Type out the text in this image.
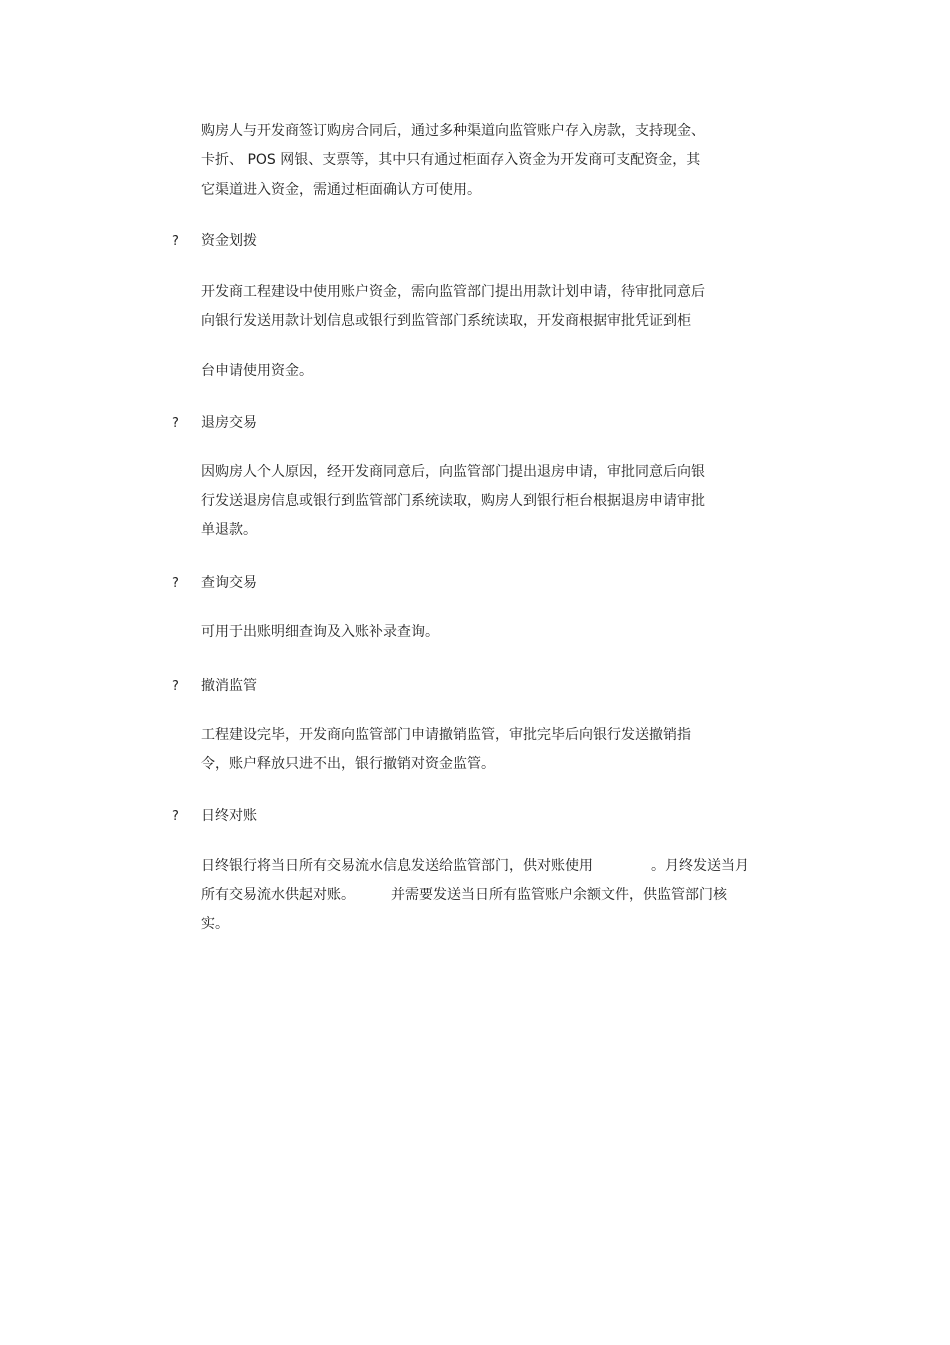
购房人与开发商签订购房合同后，通过多种渠道向监管账户存入房款，支持现金、
卡折、 POS 网银、支票等，其中只有通过柜面存入资金为开发商可支配资金，其
它渠道进入资金，需通过柜面确认方可使用。
? 资金划拨
开发商工程建设中使用账户资金，需向监管部门提出用款计划申请，待审批同意后
向银行发送用款计划信息或银行到监管部门系统读取，开发商根据审批凭证到柜
台申请使用资金。
? 退房交易
因购房人个人原因，经开发商同意后，向监管部门提出退房申请，审批同意后向银
行发送退房信息或银行到监管部门系统读取，购房人到银行柜台根据退房申请审批
单退款。
? 查询交易
可用于出账明细查询及入账补录查询。
? 撤消监管
工程建设完毕，开发商向监管部门申请撤销监管，审批完毕后向银行发送撤销指
令，账户释放只进不出，银行撤销对资金监管。
? 日终对账
日终银行将当日所有交易流水信息发送给监管部门，供对账使用	。月终发送当月
所有交易流水供起对账。	并需要发送当日所有监管账户余额文件，供监管部门核
实。
